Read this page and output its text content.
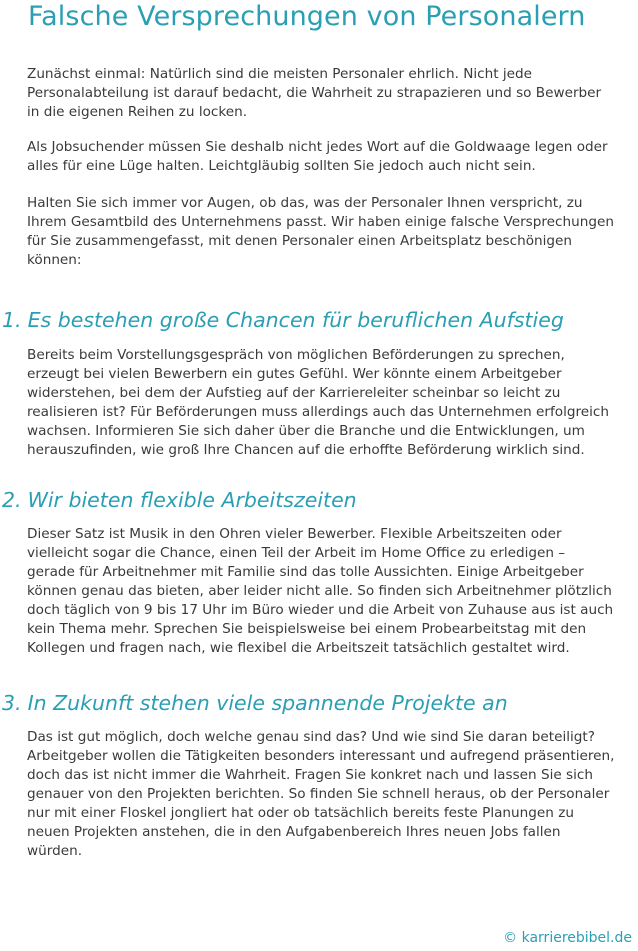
Falsche Versprechungen von Personalern

Zunächst einmal: Natürlich sind die meisten Personaler ehrlich. Nicht jede Personalabteilung ist darauf bedacht, die Wahrheit zu strapazieren und so Bewerber in die eigenen Reihen zu locken.

Als Jobsuchender müssen Sie deshalb nicht jedes Wort auf die Goldwaage legen oder alles für eine Lüge halten. Leichtgläubig sollten Sie jedoch auch nicht sein.

Halten Sie sich immer vor Augen, ob das, was der Personaler Ihnen verspricht, zu Ihrem Gesamtbild des Unternehmens passt. Wir haben einige falsche Versprechungen für Sie zusammengefasst, mit denen Personaler einen Arbeitsplatz beschönigen können:

1. Es bestehen große Chancen für beruflichen Aufstieg

Bereits beim Vorstellungsgespräch von möglichen Beförderungen zu sprechen, erzeugt bei vielen Bewerbern ein gutes Gefühl. Wer könnte einem Arbeitgeber widerstehen, bei dem der Aufstieg auf der Karriereleiter scheinbar so leicht zu realisieren ist? Für Beförderungen muss allerdings auch das Unternehmen erfolgreich wachsen. Informieren Sie sich daher über die Branche und die Entwicklungen, um herauszufinden, wie groß Ihre Chancen auf die erhoffte Beförderung wirklich sind.

2. Wir bieten flexible Arbeitszeiten

Dieser Satz ist Musik in den Ohren vieler Bewerber. Flexible Arbeitszeiten oder vielleicht sogar die Chance, einen Teil der Arbeit im Home Office zu erledigen – gerade für Arbeitnehmer mit Familie sind das tolle Aussichten. Einige Arbeitgeber können genau das bieten, aber leider nicht alle. So finden sich Arbeitnehmer plötzlich doch täglich von 9 bis 17 Uhr im Büro wieder und die Arbeit von Zuhause aus ist auch kein Thema mehr. Sprechen Sie beispielsweise bei einem Probearbeitstag mit den Kollegen und fragen nach, wie flexibel die Arbeitszeit tatsächlich gestaltet wird.

3. In Zukunft stehen viele spannende Projekte an

Das ist gut möglich, doch welche genau sind das? Und wie sind Sie daran beteiligt? Arbeitgeber wollen die Tätigkeiten besonders interessant und aufregend präsentieren, doch das ist nicht immer die Wahrheit. Fragen Sie konkret nach und lassen Sie sich genauer von den Projekten berichten. So finden Sie schnell heraus, ob der Personaler nur mit einer Floskel jongliert hat oder ob tatsächlich bereits feste Planungen zu neuen Projekten anstehen, die in den Aufgabenbereich Ihres neuen Jobs fallen würden.

© karrierebibel.de
